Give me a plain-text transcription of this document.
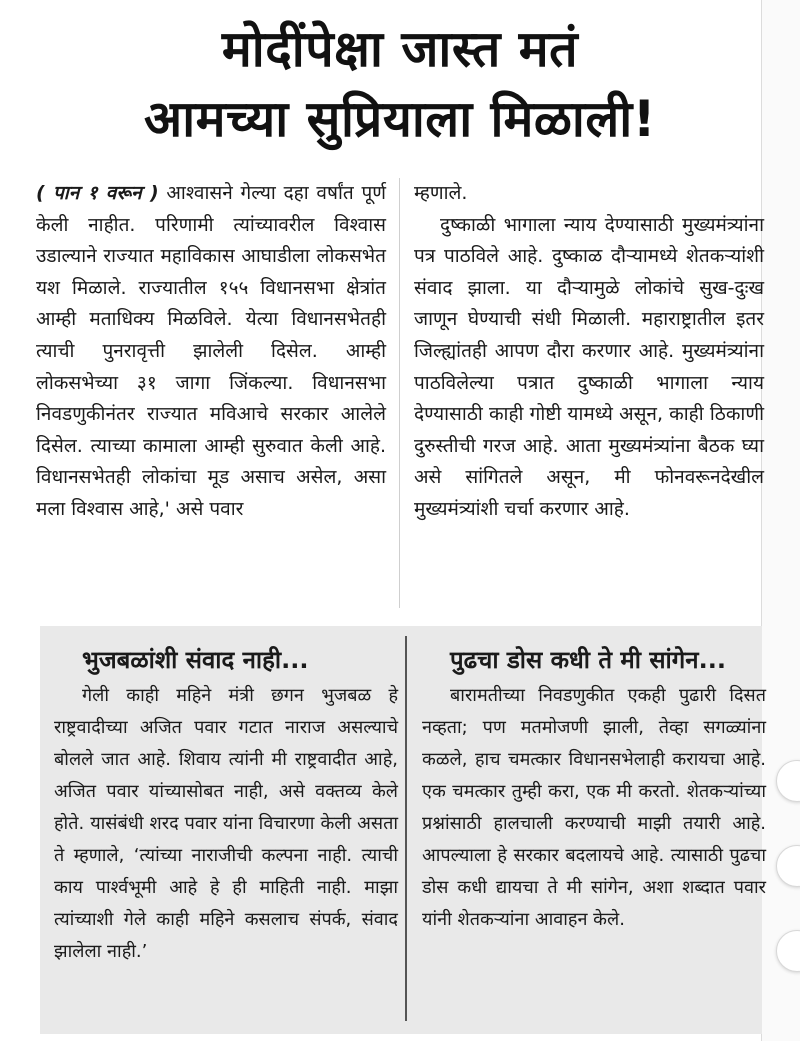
मोदींपेक्षा जास्त मतं
आमच्या सुप्रियाला मिळाली!

( पान १ वरून ) आश्वासने गेल्या दहा वर्षांत पूर्ण केली नाहीत. परिणामी त्यांच्यावरील विश्वास उडाल्याने राज्यात महाविकास आघाडीला लोकसभेत यश मिळाले. राज्यातील १५५ विधानसभा क्षेत्रांत आम्ही मताधिक्य मिळविले. येत्या विधानसभेतही त्याची पुनरावृत्ती झालेली दिसेल. आम्ही लोकसभेच्या ३१ जागा जिंकल्या. विधानसभा निवडणुकीनंतर राज्यात मविआचे सरकार आलेले दिसेल. त्याच्या कामाला आम्ही सुरुवात केली आहे. विधानसभेतही लोकांचा मूड असाच असेल, असा मला विश्वास आहे,' असे पवार

म्हणाले.

दुष्काळी भागाला न्याय देण्यासाठी मुख्यमंत्र्यांना पत्र पाठविले आहे. दुष्काळ दौऱ्यामध्ये शेतकऱ्यांशी संवाद झाला. या दौऱ्यामुळे लोकांचे सुख-दुःख जाणून घेण्याची संधी मिळाली. महाराष्ट्रातील इतर जिल्ह्यांतही आपण दौरा करणार आहे. मुख्यमंत्र्यांना पाठविलेल्या पत्रात दुष्काळी भागाला न्याय देण्यासाठी काही गोष्टी यामध्ये असून, काही ठिकाणी दुरुस्तीची गरज आहे. आता मुख्यमंत्र्यांना बैठक घ्या असे सांगितले असून, मी फोनवरूनदेखील मुख्यमंत्र्यांशी चर्चा करणार आहे.

भुजबळांशी संवाद नाही...

गेली काही महिने मंत्री छगन भुजबळ हे राष्ट्रवादीच्या अजित पवार गटात नाराज असल्याचे बोलले जात आहे. शिवाय त्यांनी मी राष्ट्रवादीत आहे, अजित पवार यांच्यासोबत नाही, असे वक्तव्य केले होते. यासंबंधी शरद पवार यांना विचारणा केली असता ते म्हणाले, ‘त्यांच्या नाराजीची कल्पना नाही. त्याची काय पार्श्वभूमी आहे हे ही माहिती नाही. माझा त्यांच्याशी गेले काही महिने कसलाच संपर्क, संवाद झालेला नाही.’

पुढचा डोस कधी ते मी सांगेन...

बारामतीच्या निवडणुकीत एकही पुढारी दिसत नव्हता; पण मतमोजणी झाली, तेव्हा सगळ्यांना कळले, हाच चमत्कार विधानसभेलाही करायचा आहे. एक चमत्कार तुम्ही करा, एक मी करतो. शेतकऱ्यांच्या प्रश्नांसाठी हालचाली करण्याची माझी तयारी आहे. आपल्याला हे सरकार बदलायचे आहे. त्यासाठी पुढचा डोस कधी द्यायचा ते मी सांगेन, अशा शब्दात पवार यांनी शेतकऱ्यांना आवाहन केले.
